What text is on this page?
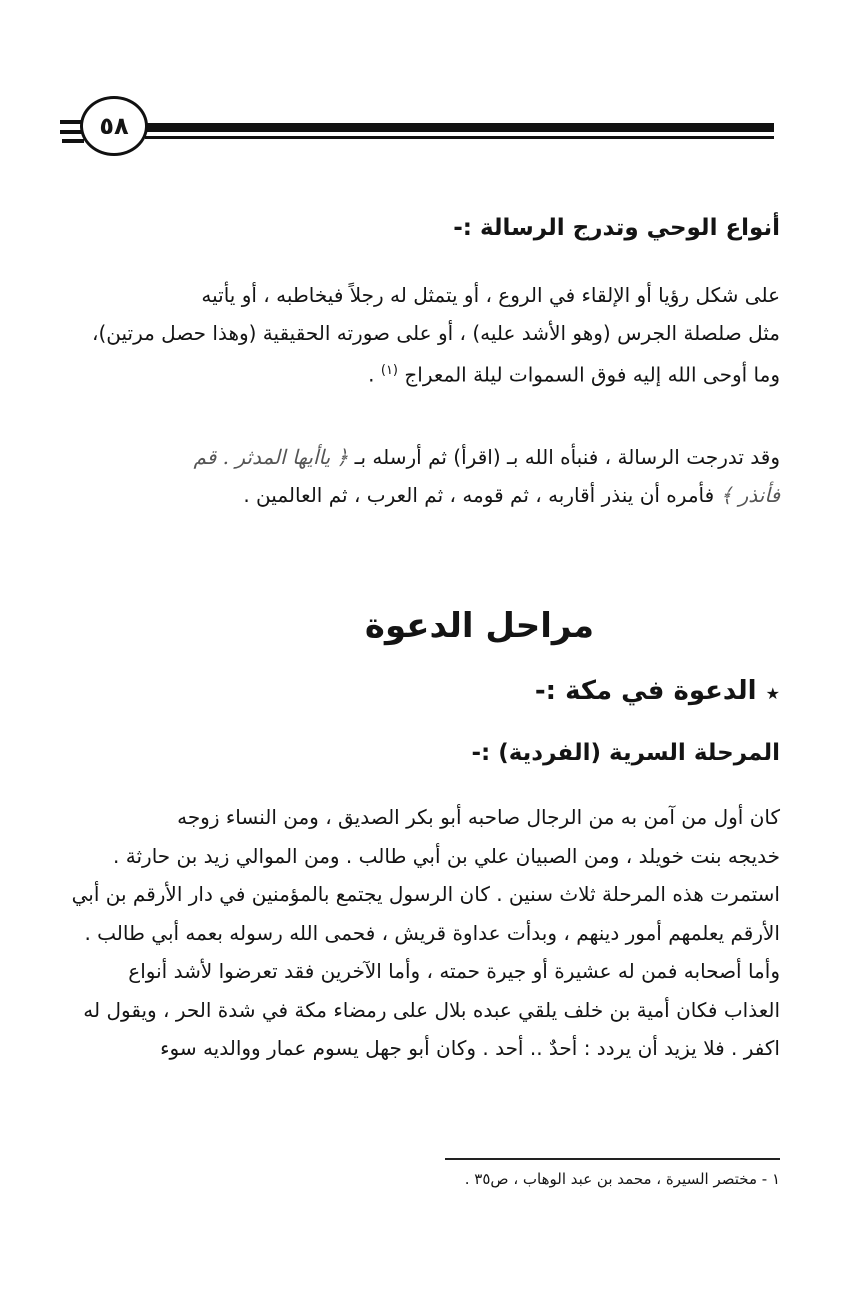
٥٨
أنواع الوحي وتدرج الرسالة :-

على شكل رؤيا أو الإلقاء في الروع ، أو يتمثل له رجلاً فيخاطبه ، أو يأتيه

مثل صلصلة الجرس (وهو الأشد عليه) ، أو على صورته الحقيقية (وهذا حصل مرتين)،

وما أوحى الله إليه فوق السموات ليلة المعراج $^{(١)}$ .

وقد تدرجت الرسالة ، فنبأه الله بـ (اقرأ) ثم أرسله بـ ﴿ ياأيها المدثر . قم

فأنذر ﴾ فأمره أن ينذر أقاربه ، ثم قومه ، ثم العرب ، ثم العالمين .

مراحل الدعوة
★ الدعوة في مكة :-
المرحلة السرية (الفردية) :-

كان أول من آمن به من الرجال صاحبه أبو بكر الصديق ، ومن النساء زوجه

خديجه بنت خويلد ، ومن الصبيان علي بن أبي طالب . ومن الموالي زيد بن حارثة .

استمرت هذه المرحلة ثلاث سنين . كان الرسول يجتمع بالمؤمنين في دار الأرقم بن أبي

الأرقم يعلمهم أمور دينهم ، وبدأت عداوة قريش ، فحمى الله رسوله بعمه أبي طالب .

وأما أصحابه فمن له عشيرة أو جيرة حمته ، وأما الآخرين فقد تعرضوا لأشد أنواع

العذاب فكان أمية بن خلف يلقي عبده بلال على رمضاء مكة في شدة الحر ، ويقول له

اكفر . فلا يزيد أن يردد : أحدٌ .. أحد . وكان أبو جهل يسوم عمار ووالديه سوء

١ - مختصر السيرة ، محمد بن عبد الوهاب ، ص٣٥ .
